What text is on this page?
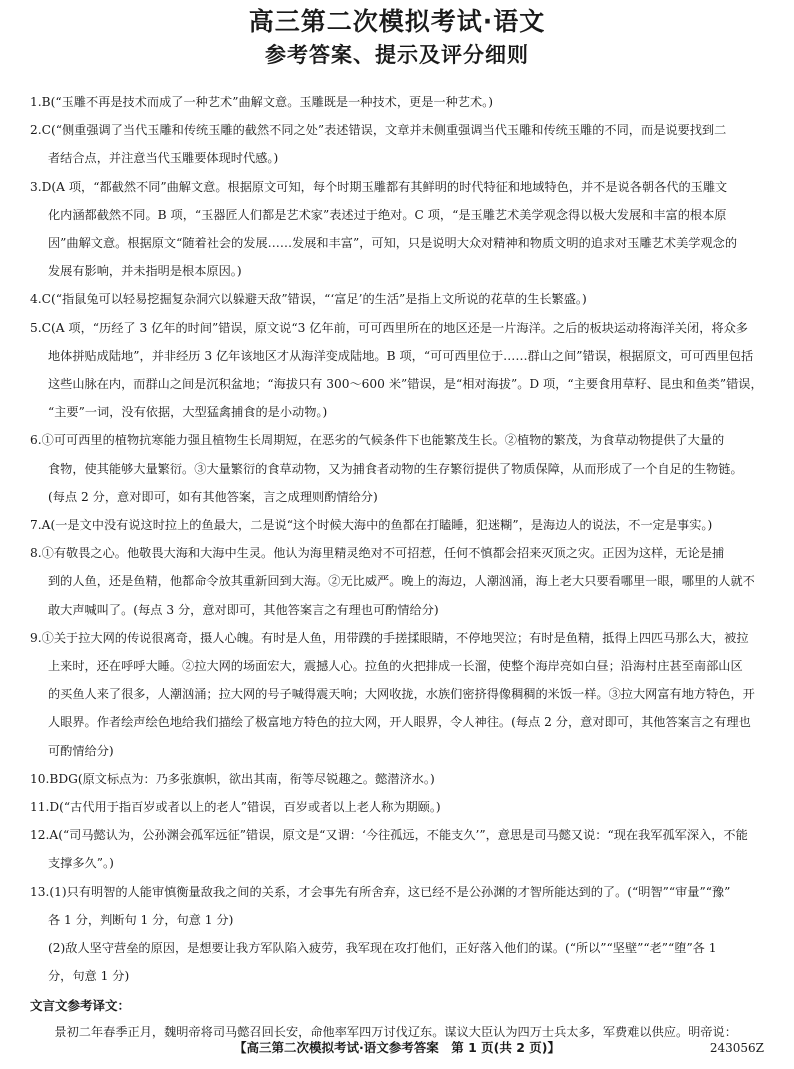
高三第二次模拟考试·语文
参考答案、提示及评分细则
1.B(“玉雕不再是技术而成了一种艺术”曲解文意。玉雕既是一种技术，更是一种艺术。)
2.C(“侧重强调了当代玉雕和传统玉雕的截然不同之处”表述错误，文章并未侧重强调当代玉雕和传统玉雕的不同，而是说要找到二
者结合点，并注意当代玉雕要体现时代感。)
3.D(A 项，“都截然不同”曲解文意。根据原文可知，每个时期玉雕都有其鲜明的时代特征和地域特色，并不是说各朝各代的玉雕文
化内涵都截然不同。B 项，“玉器匠人们都是艺术家”表述过于绝对。C 项，“是玉雕艺术美学观念得以极大发展和丰富的根本原
因”曲解文意。根据原文“随着社会的发展……发展和丰富”，可知，只是说明大众对精神和物质文明的追求对玉雕艺术美学观念的
发展有影响，并未指明是根本原因。)
4.C(“指鼠兔可以轻易挖掘复杂洞穴以躲避天敌”错误，“‘富足’的生活”是指上文所说的花草的生长繁盛。)
5.C(A 项，“历经了 3 亿年的时间”错误，原文说“3 亿年前，可可西里所在的地区还是一片海洋。之后的板块运动将海洋关闭，将众多
地体拼贴成陆地”，并非经历 3 亿年该地区才从海洋变成陆地。B 项，“可可西里位于……群山之间”错误，根据原文，可可西里包括
这些山脉在内，而群山之间是沉积盆地；“海拔只有 300～600 米”错误，是“相对海拔”。D 项，“主要食用草籽、昆虫和鱼类”错误，
“主要”一词，没有依据，大型猛禽捕食的是小动物。)
6.①可可西里的植物抗寒能力强且植物生长周期短，在恶劣的气候条件下也能繁茂生长。②植物的繁茂，为食草动物提供了大量的
食物，使其能够大量繁衍。③大量繁衍的食草动物，又为捕食者动物的生存繁衍提供了物质保障，从而形成了一个自足的生物链。
(每点 2 分，意对即可，如有其他答案，言之成理则酌情给分)
7.A(一是文中没有说这时拉上的鱼最大，二是说“这个时候大海中的鱼都在打瞌睡，犯迷糊”，是海边人的说法，不一定是事实。)
8.①有敬畏之心。他敬畏大海和大海中生灵。他认为海里精灵绝对不可招惹，任何不慎都会招来灭顶之灾。正因为这样，无论是捕
到的人鱼，还是鱼精，他都命令放其重新回到大海。②无比威严。晚上的海边，人潮汹涌，海上老大只要看哪里一眼，哪里的人就不
敢大声喊叫了。(每点 3 分，意对即可，其他答案言之有理也可酌情给分)
9.①关于拉大网的传说很离奇，摄人心魄。有时是人鱼，用带蹼的手搓揉眼睛，不停地哭泣；有时是鱼精，抵得上四匹马那么大，被拉
上来时，还在呼呼大睡。②拉大网的场面宏大，震撼人心。拉鱼的火把排成一长溜，使整个海岸亮如白昼；沿海村庄甚至南部山区
的买鱼人来了很多，人潮汹涌；拉大网的号子喊得震天响；大网收拢，水族们密挤得像稠稠的米饭一样。③拉大网富有地方特色，开
人眼界。作者绘声绘色地给我们描绘了极富地方特色的拉大网，开人眼界，令人神往。(每点 2 分，意对即可，其他答案言之有理也
可酌情给分)
10.BDG(原文标点为：乃多张旗帜，欲出其南，衔等尽锐趣之。懿潜济水。)
11.D(“古代用于指百岁或者以上的老人”错误，百岁或者以上老人称为期颐。)
12.A(“司马懿认为，公孙渊会孤军远征”错误，原文是“又谓：‘今往孤远，不能支久’”，意思是司马懿又说：“现在我军孤军深入，不能
支撑多久”。)
13.(1)只有明智的人能审慎衡量敌我之间的关系，才会事先有所舍弃，这已经不是公孙渊的才智所能达到的了。(“明智”“审量”“豫”
各 1 分，判断句 1 分，句意 1 分)
(2)敌人坚守营垒的原因，是想要让我方军队陷入疲劳，我军现在攻打他们，正好落入他们的谋。(“所以”“坚壁”“老”“堕”各 1
分，句意 1 分)
文言文参考译文：
景初二年春季正月，魏明帝将司马懿召回长安，命他率军四万讨伐辽东。谋议大臣认为四万士兵太多，军费难以供应。明帝说：
【高三第二次模拟考试·语文参考答案　第 1 页(共 2 页)】	243056Z
